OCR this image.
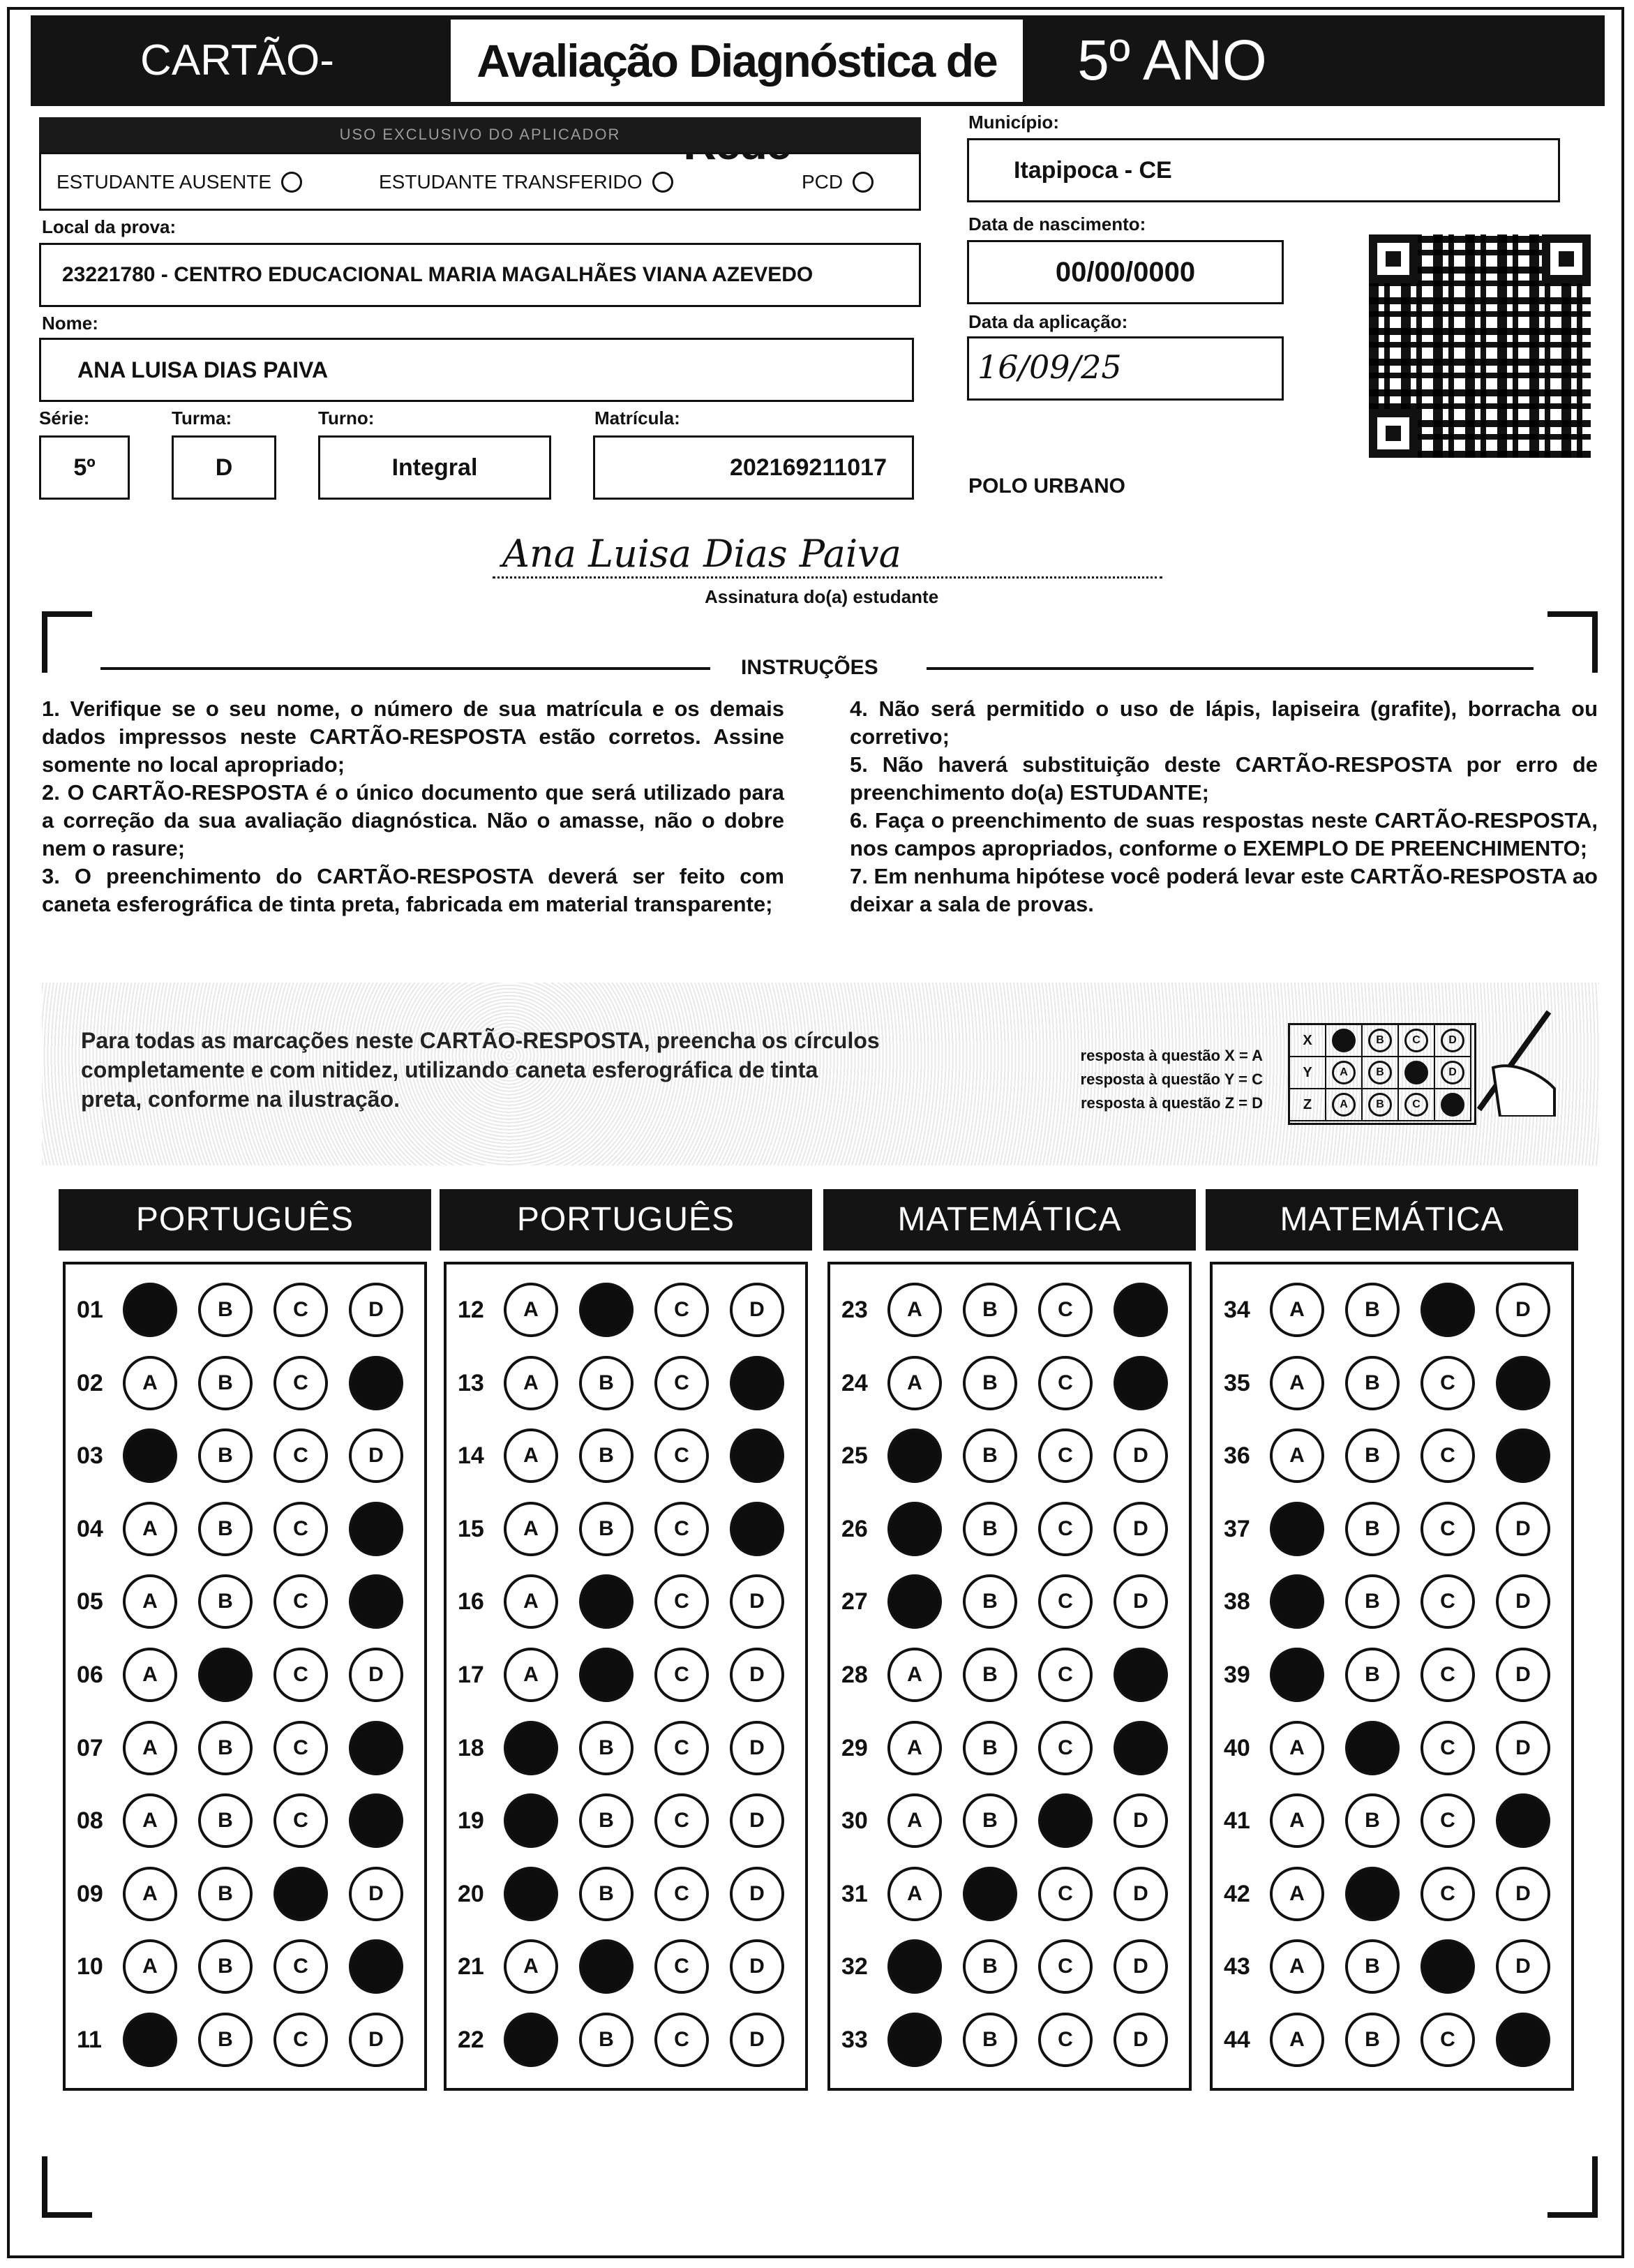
CARTÃO-	Avaliação Diagnóstica de	5º ANO
USO EXCLUSIVO DO APLICADOR
ESTUDANTE AUSENTE	ESTUDANTE TRANSFERIDO	PCD
Local da prova:
23221780 - CENTRO EDUCACIONAL MARIA MAGALHÃES VIANA AZEVEDO
Nome:
ANA LUISA DIAS PAIVA
Série:	Turma:	Turno:	Matrícula:
5º	D	Integral	202169211017
Município:
Itapipoca - CE
Data de nascimento:
00/00/0000
Data da aplicação:
16/09/25
POLO URBANO
Ana Luisa Dias Paiva
Assinatura do(a) estudante
INSTRUÇÕES

1. Verifique se o seu nome, o número de sua matrícula e os demais dados impressos neste CARTÃO-RESPOSTA estão corretos. Assine somente no local apropriado;

2. O CARTÃO-RESPOSTA é o único documento que será utilizado para a correção da sua avaliação diagnóstica. Não o amasse, não o dobre nem o rasure;

3. O preenchimento do CARTÃO-RESPOSTA deverá ser feito com caneta esferográfica de tinta preta, fabricada em material transparente;

4. Não será permitido o uso de lápis, lapiseira (grafite), borracha ou corretivo;

5. Não haverá substituição deste CARTÃO-RESPOSTA por erro de preenchimento do(a) ESTUDANTE;

6. Faça o preenchimento de suas respostas neste CARTÃO-RESPOSTA, nos campos apropriados, conforme o EXEMPLO DE PREENCHIMENTO;

7. Em nenhuma hipótese você poderá levar este CARTÃO-RESPOSTA ao deixar a sala de provas.

Para todas as marcações neste CARTÃO-RESPOSTA, preencha os círculos completamente e com nitidez, utilizando caneta esferográfica de tinta preta, conforme na ilustração.
resposta à questão X = A
resposta à questão Y = C
resposta à questão Z = D
X	B	C	D
Y	A	B	D
Z	A	B	C
PORTUGUÊS
01	A	B	C	D
02	A	B	C	D
03	A	B	C	D
04	A	B	C	D
05	A	B	C	D
06	A	B	C	D
07	A	B	C	D
08	A	B	C	D
09	A	B	C	D
10	A	B	C	D
11	A	B	C	D
PORTUGUÊS
12	A	B	C	D
13	A	B	C	D
14	A	B	C	D
15	A	B	C	D
16	A	B	C	D
17	A	B	C	D
18	A	B	C	D
19	A	B	C	D
20	A	B	C	D
21	A	B	C	D
22	A	B	C	D
MATEMÁTICA
23	A	B	C	D
24	A	B	C	D
25	A	B	C	D
26	A	B	C	D
27	A	B	C	D
28	A	B	C	D
29	A	B	C	D
30	A	B	C	D
31	A	B	C	D
32	A	B	C	D
33	A	B	C	D
MATEMÁTICA
34	A	B	C	D
35	A	B	C	D
36	A	B	C	D
37	A	B	C	D
38	A	B	C	D
39	A	B	C	D
40	A	B	C	D
41	A	B	C	D
42	A	B	C	D
43	A	B	C	D
44	A	B	C	D
